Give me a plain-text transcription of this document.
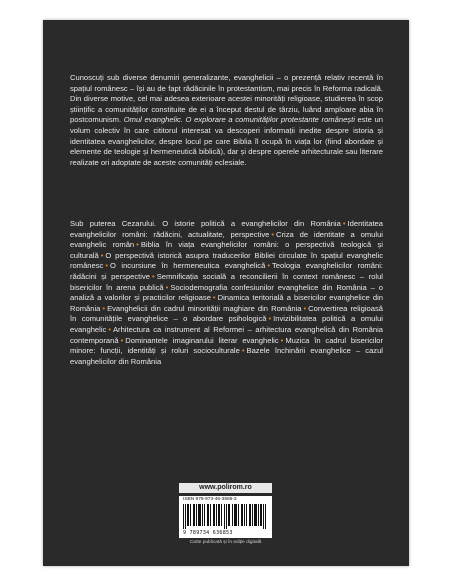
Cunoscuți sub diverse denumiri generalizante, evanghelicii – o prezență relativ recentă în spațiul românesc – își au de fapt rădăcinile în protestantism, mai precis în Reforma radicală. Din diverse motive, cel mai adesea exterioare acestei minorități religioase, studierea în scop științific a comunităților constituite de ei a început destul de târziu, luând amploare abia în postcomunism. Omul evanghelic. O explorare a comunităților protestante românești este un volum colectiv în care cititorul interesat va descoperi informații inedite despre istoria și identitatea evanghelicilor, despre locul pe care Biblia îl ocupă în viața lor (fiind abordate și elemente de teologie și hermeneutică biblică), dar și despre operele arhitecturale sau literare realizate ori adoptate de aceste comunități eclesiale.

Sub puterea Cezarului. O istorie politică a evanghelicilor din România • Identitatea evanghelicilor români: rădăcini, actualitate, perspective • Criza de identitate a omului evanghelic român • Biblia în viața evanghelicilor români: o perspectivă teologică și culturală • O perspectivă istorică asupra traducerilor Bibliei circulate în spațiul evanghelic românesc • O incursiune în hermeneutica evanghelică • Teologia evanghelicilor români: rădăcini și perspective • Semnificația socială a reconcilierii în context românesc – rolul bisericilor în arena publică • Sociodemografia confesiunilor evanghelice din România – o analiză a valorilor și practicilor religioase • Dinamica teritorială a bisericilor evanghelice din România • Evanghelicii din cadrul minorității maghiare din România • Convertirea religioasă în comunitățile evanghelice – o abordare psihologică • Invizibilitatea politică a omului evanghelic • Arhitectura ca instrument al Reformei – arhitectura evanghelică din România contemporană • Dominantele imaginarului literar evanghelic • Muzica în cadrul bisericilor minore: funcții, identități și roluri socioculturale • Bazele închinării evanghelice – cazul evanghelicilor din România

www.polirom.ro
ISBN 978-973-46-3685-3
9 789734 636853
Carte publicată și în ediție digitală
